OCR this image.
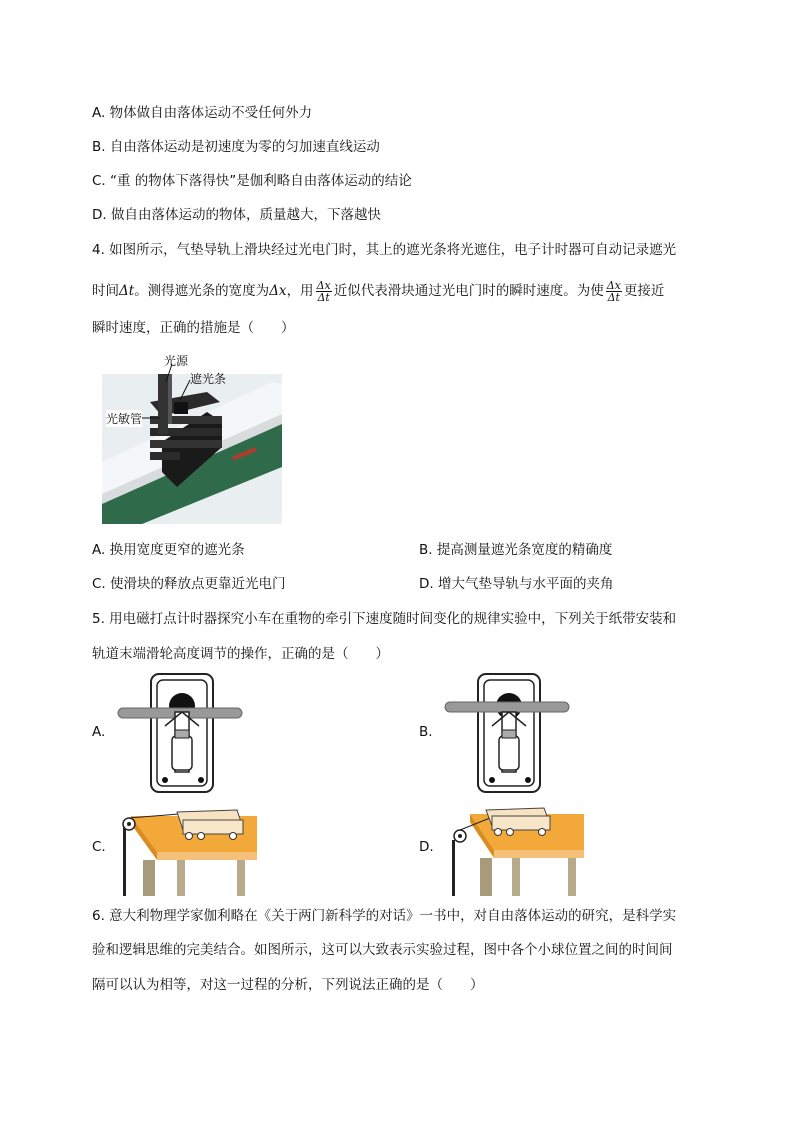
A. 物体做自由落体运动不受任何外力
B. 自由落体运动是初速度为零的匀加速直线运动
C. “重 的物体下落得快”是伽利略自由落体运动的结论
D. 做自由落体运动的物体，质量越大，下落越快
4. 如图所示，气垫导轨上滑块经过光电门时，其上的遮光条将光遮住，电子计时器可自动记录遮光
时间Δt。测得遮光条的宽度为Δx，用 $\frac{\Delta x}{\Delta t}$ 近似代表滑块通过光电门时的瞬时速度。为使 $\frac{\Delta x}{\Delta t}$ 更接近
瞬时速度，正确的措施是（　　）
光源
遮光条
光敏管
A. 换用宽度更窄的遮光条	B. 提高测量遮光条宽度的精确度
C. 使滑块的释放点更靠近光电门	D. 增大气垫导轨与水平面的夹角
5. 用电磁打点计时器探究小车在重物的牵引下速度随时间变化的规律实验中，下列关于纸带安装和
轨道末端滑轮高度调节的操作，正确的是（　　）
A.	B.
C.	D.
6. 意大利物理学家伽利略在《关于两门新科学的对话》一书中，对自由落体运动的研究，是科学实
验和逻辑思维的完美结合。如图所示，这可以大致表示实验过程，图中各个小球位置之间的时间间
隔可以认为相等，对这一过程的分析，下列说法正确的是（　　）
